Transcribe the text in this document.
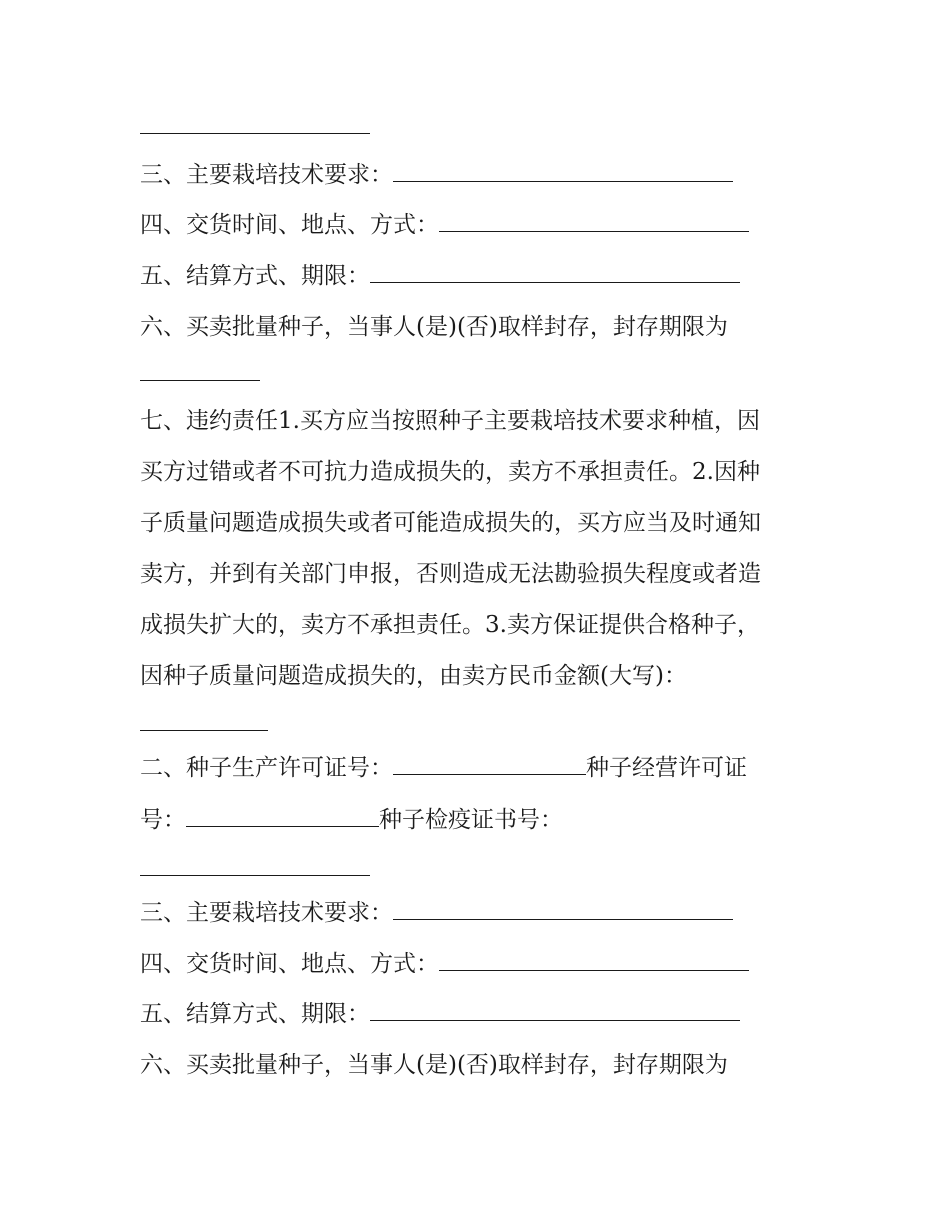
三、主要栽培技术要求：
四、交货时间、地点、方式：
五、结算方式、期限：
六、买卖批量种子，当事人(是)(否)取样封存，封存期限为
七、违约责任1.买方应当按照种子主要栽培技术要求种植，因
买方过错或者不可抗力造成损失的，卖方不承担责任。2.因种
子质量问题造成损失或者可能造成损失的，买方应当及时通知
卖方，并到有关部门申报，否则造成无法勘验损失程度或者造
成损失扩大的，卖方不承担责任。3.卖方保证提供合格种子，
因种子质量问题造成损失的，由卖方民币金额(大写)：
二、种子生产许可证号：	种子经营许可证
号：	种子检疫证书号：
三、主要栽培技术要求：
四、交货时间、地点、方式：
五、结算方式、期限：
六、买卖批量种子，当事人(是)(否)取样封存，封存期限为
